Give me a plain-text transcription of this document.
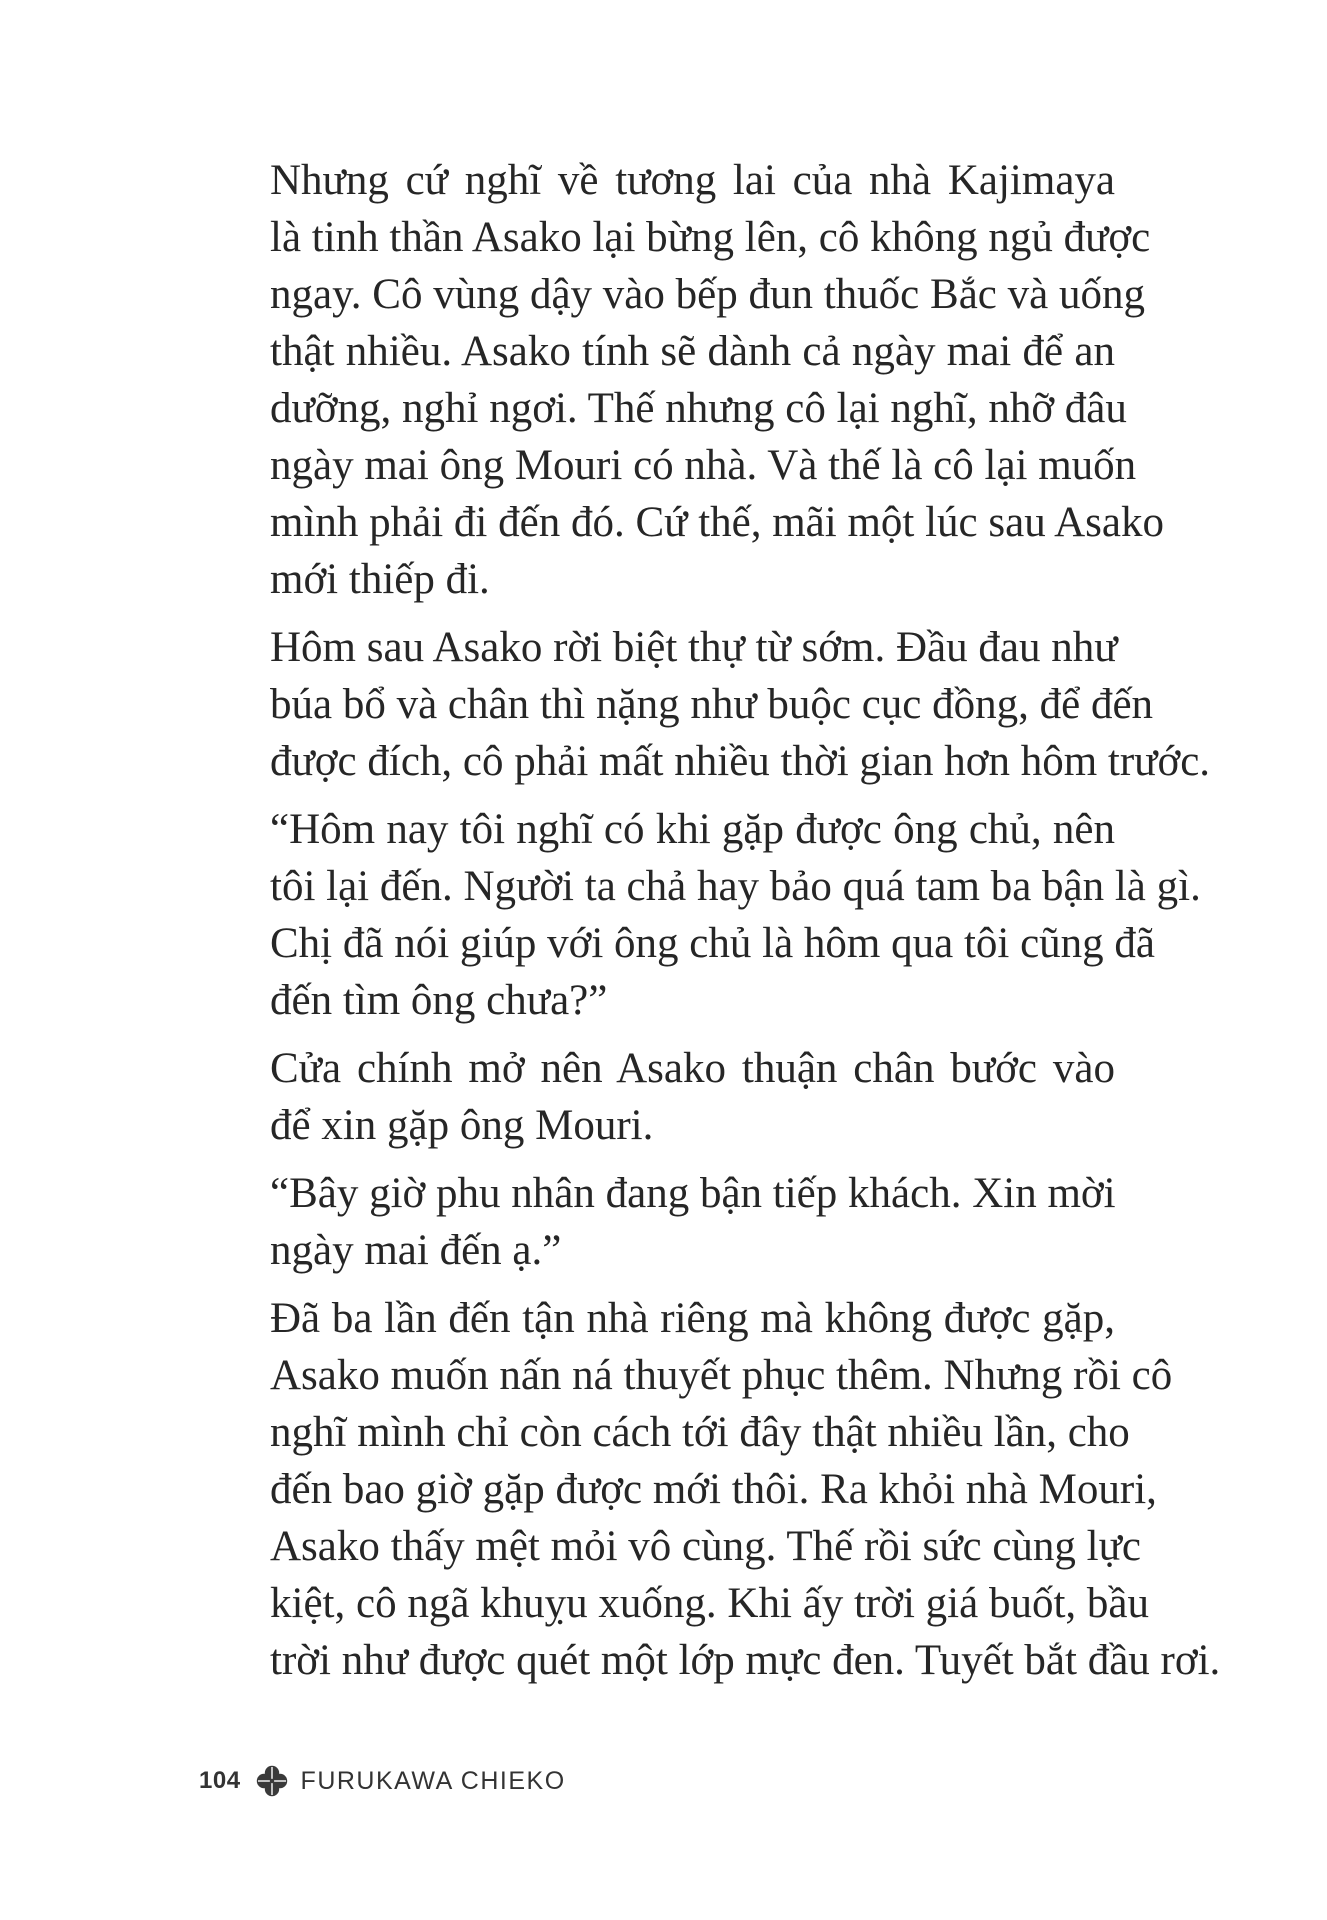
Nhưng cứ nghĩ về tương lai của nhà Kajimaya
là tinh thần Asako lại bừng lên, cô không ngủ được
ngay. Cô vùng dậy vào bếp đun thuốc Bắc và uống
thật nhiều. Asako tính sẽ dành cả ngày mai để an
dưỡng, nghỉ ngơi. Thế nhưng cô lại nghĩ, nhỡ đâu
ngày mai ông Mouri có nhà. Và thế là cô lại muốn
mình phải đi đến đó. Cứ thế, mãi một lúc sau Asako
mới thiếp đi.
Hôm sau Asako rời biệt thự từ sớm. Đầu đau như
búa bổ và chân thì nặng như buộc cục đồng, để đến
được đích, cô phải mất nhiều thời gian hơn hôm trước.
“Hôm nay tôi nghĩ có khi gặp được ông chủ, nên
tôi lại đến. Người ta chả hay bảo quá tam ba bận là gì.
Chị đã nói giúp với ông chủ là hôm qua tôi cũng đã
đến tìm ông chưa?”
Cửa chính mở nên Asako thuận chân bước vào
để xin gặp ông Mouri.
“Bây giờ phu nhân đang bận tiếp khách. Xin mời
ngày mai đến ạ.”
Đã ba lần đến tận nhà riêng mà không được gặp,
Asako muốn nấn ná thuyết phục thêm. Nhưng rồi cô
nghĩ mình chỉ còn cách tới đây thật nhiều lần, cho
đến bao giờ gặp được mới thôi. Ra khỏi nhà Mouri,
Asako thấy mệt mỏi vô cùng. Thế rồi sức cùng lực
kiệt, cô ngã khuỵu xuống. Khi ấy trời giá buốt, bầu
trời như được quét một lớp mực đen. Tuyết bắt đầu rơi.
104 FURUKAWA CHIEKO
